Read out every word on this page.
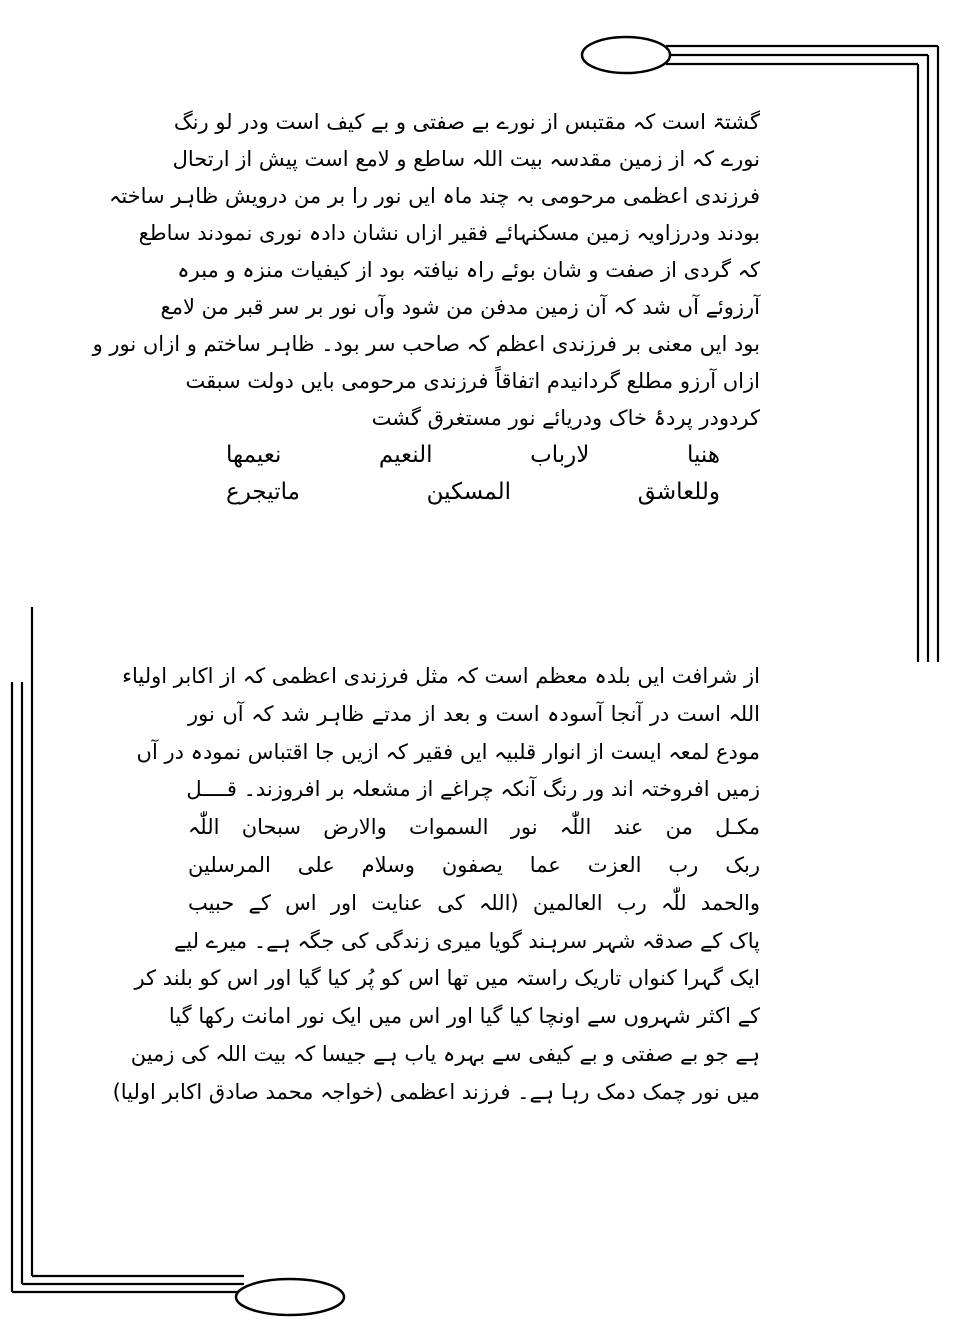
گشتۃ است کہ مقتبس از نورے بے صفتی و بے کیف است ودر لو رنگ
نورے کہ از زمین مقدسہ بیت اللہ ساطع و لامع است پیش از ارتحال
فرزندی اعظمی مرحومی بہ چند ماہ ایں نور را بر من درویش ظاہر ساختہ
بودند ودرزاویہ زمین مسکنہائے فقیر ازاں نشان دادہ نوری نمودند ساطع
کہ گردی از صفت و شان بوئے راہ نیافتہ بود از کیفیات منزہ و مبرہ
آرزوئے آں شد کہ آن زمین مدفن من شود وآں نور بر سر قبر من لامع
بود ایں معنی بر فرزندی اعظم کہ صاحب سر بود۔ ظاہر ساختم و ازاں نور و
ازاں آرزو مطلع گردانیدم اتفاقاً فرزندی مرحومی بایں دولت سبقت
کردودر پردۂ خاک ودریائے نور مستغرق گشت
ھنیا
لارباب
النعیم
نعیمھا
وللعاشق
المسکین
ماتیجرع
از شرافت ایں بلدہ معظم است کہ مثل فرزندی اعظمی کہ از اکابر اولیاء
اللہ است در آنجا آسودہ است و بعد از مدتے ظاہر شد کہ آں نور
مودع لمعہ ایست از انوار قلبیہ ایں فقیر کہ ازیں جا اقتباس نمودہ در آں
زمیں افروختہ اند ور رنگ آنکہ چراغے از مشعلہ بر افروزند۔ قــــل
مکـل من عند اللّٰہ نور السموات والارض سبحان اللّٰہ
ربک رب العزت عما یصفون وسلام علی المرسلین
والحمد للّٰہ رب العالمین (اللہ کی عنایت اور اس کے حبیب
پاک کے صدقہ شہر سرہند گویا میری زندگی کی جگہ ہے۔ میرے لیے
ایک گہرا کنواں تاریک راستہ میں تھا اس کو پُر کیا گیا اور اس کو بلند کر
کے اکثر شہروں سے اونچا کیا گیا اور اس میں ایک نور امانت رکھا گیا
ہے جو بے صفتی و بے کیفی سے بہرہ یاب ہے جیسا کہ بیت اللہ کی زمین
میں نور چمک دمک رہا ہے۔ فرزند اعظمی (خواجہ محمد صادق اکابر اولیا)
